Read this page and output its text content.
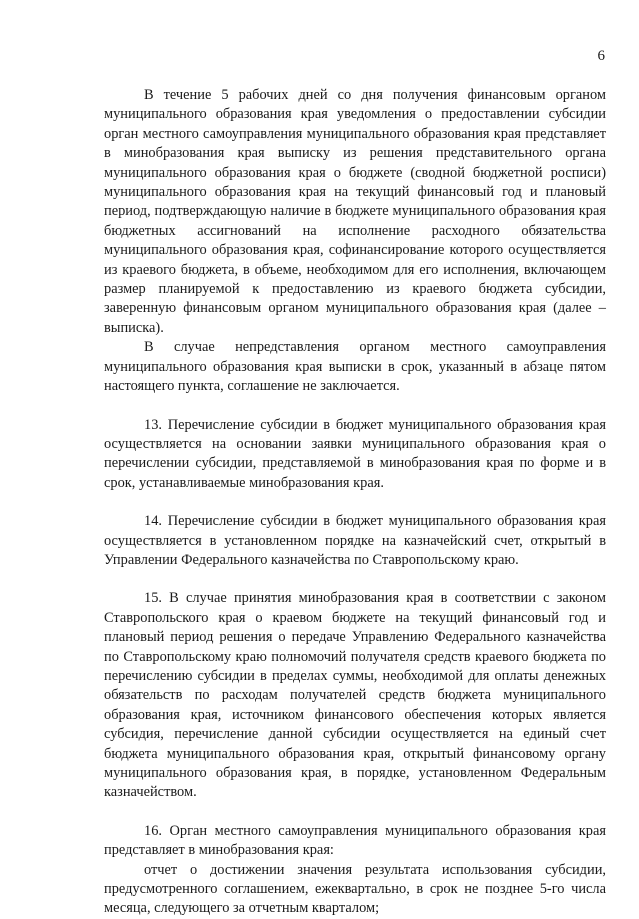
6

В течение 5 рабочих дней со дня получения финансовым органом муниципального образования края уведомления о предоставлении субсидии орган местного самоуправления муниципального образования края представляет в минобразования края выписку из решения представительного органа муниципального образования края о бюджете (сводной бюджетной росписи) муниципального образования края на текущий финансовый год и плановый период, подтверждающую наличие в бюджете муниципального образования края бюджетных ассигнований на исполнение расходного обязательства муниципального образования края, софинансирование которого осуществляется из краевого бюджета, в объеме, необходимом для его исполнения, включающем размер планируемой к предоставлению из краевого бюджета субсидии, заверенную финансовым органом муниципального образования края (далее – выписка).

В случае непредставления органом местного самоуправления муниципального образования края выписки в срок, указанный в абзаце пятом настоящего пункта, соглашение не заключается.

13. Перечисление субсидии в бюджет муниципального образования края осуществляется на основании заявки муниципального образования края о перечислении субсидии, представляемой в минобразования края по форме и в срок, устанавливаемые минобразования края.

14. Перечисление субсидии в бюджет муниципального образования края осуществляется в установленном порядке на казначейский счет, открытый в Управлении Федерального казначейства по Ставропольскому краю.

15. В случае принятия минобразования края в соответствии с законом Ставропольского края о краевом бюджете на текущий финансовый год и плановый период решения о передаче Управлению Федерального казначейства по Ставропольскому краю полномочий получателя средств краевого бюджета по перечислению субсидии в пределах суммы, необходимой для оплаты денежных обязательств по расходам получателей средств бюджета муниципального образования края, источником финансового обеспечения которых является субсидия, перечисление данной субсидии осуществляется на единый счет бюджета муниципального образования края, открытый финансовому органу муниципального образования края, в порядке, установленном Федеральным казначейством.

16. Орган местного самоуправления муниципального образования края представляет в минобразования края:

отчет о достижении значения результата использования субсидии, предусмотренного соглашением, ежеквартально, в срок не позднее 5-го числа месяца, следующего за отчетным кварталом;
